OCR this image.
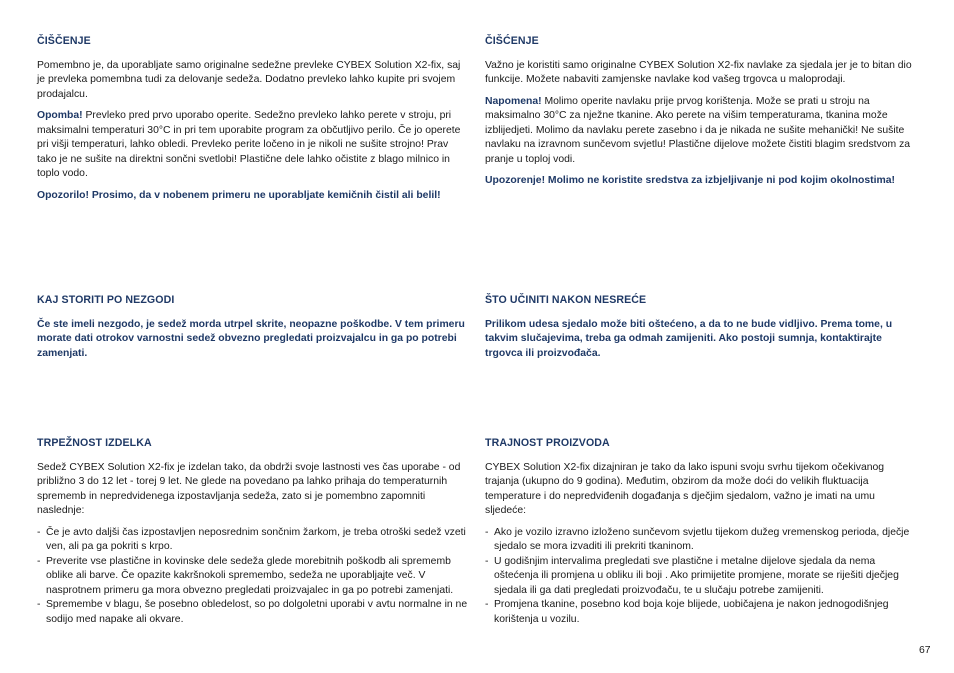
ČIŠČENJE

Pomembno je, da uporabljate samo originalne sedežne prevleke CYBEX Solution X2-fix, saj je prevleka pomembna tudi za delovanje sedeža. Dodatno prevleko lahko kupite pri svojem prodajalcu.

Opomba! Prevleko pred prvo uporabo operite. Sedežno prevleko lahko perete v stroju, pri maksimalni temperaturi 30°C in pri tem uporabite program za občutljivo perilo. Če jo operete pri višji temperaturi, lahko obledi. Prevleko perite ločeno in je nikoli ne sušite strojno! Prav tako je ne sušite na direktni sončni svetlobi! Plastične dele lahko očistite z blago milnico in toplo vodo.

Opozorilo! Prosimo, da v nobenem primeru ne uporabljate kemičnih čistil ali belil!

KAJ STORITI PO NEZGODI

Če ste imeli nezgodo, je sedež morda utrpel skrite, neopazne poškodbe. V tem primeru morate dati otrokov varnostni sedež obvezno pregledati proizvajalcu in ga po potrebi zamenjati.

TRPEŽNOST IZDELKA

Sedež CYBEX Solution X2-fix je izdelan tako, da obdrži svoje lastnosti ves čas uporabe - od približno 3 do 12 let - torej 9 let. Ne glede na povedano pa lahko prihaja do temperaturnih sprememb in nepredvidenega izpostavljanja sedeža, zato si je pomembno zapomniti naslednje:

- Če je avto daljši čas izpostavljen neposrednim sončnim žarkom, je treba otroški sedež vzeti ven, ali pa ga pokriti s krpo.
- Preverite vse plastične in kovinske dele sedeža glede morebitnih poškodb ali sprememb oblike ali barve. Če opazite kakršnokoli spremembo, sedeža ne uporabljajte več. V nasprotnem primeru ga mora obvezno pregledati proizvajalec in ga po potrebi zamenjati.
- Spremembe v blagu, še posebno obledelost, so po dolgoletni uporabi v avtu normalne in ne sodijo med napake ali okvare.
ČIŠĆENJE

Važno je koristiti samo originalne CYBEX Solution X2-fix navlake za sjedala jer je to bitan dio funkcije. Možete nabaviti zamjenske navlake kod vašeg trgovca u maloprodaji.

Napomena! Molimo operite navlaku prije prvog korištenja. Može se prati u stroju na maksimalno 30°C za nježne tkanine. Ako perete na višim temperaturama, tkanina može izblijedjeti. Molimo da navlaku perete zasebno i da je nikada ne sušite mehanički! Ne sušite navlaku na izravnom sunčevom svjetlu! Plastične dijelove možete čistiti blagim sredstvom za pranje u toploj vodi.

Upozorenje! Molimo ne koristite sredstva za izbjeljivanje ni pod kojim okolnostima!

ŠTO UČINITI NAKON NESREĆE

Prilikom udesa sjedalo može biti oštećeno, a da to ne bude vidljivo. Prema tome, u takvim slučajevima, treba ga odmah zamijeniti. Ako postoji sumnja, kontaktirajte trgovca ili proizvođača.

TRAJNOST PROIZVODA

CYBEX Solution X2-fix dizajniran je tako da lako ispuni svoju svrhu tijekom očekivanog trajanja (ukupno do 9 godina). Međutim, obzirom da može doći do velikih fluktuacija temperature i do nepredviđenih događanja s dječjim sjedalom, važno je imati na umu sljedeće:

- Ako je vozilo izravno izloženo sunčevom svjetlu tijekom dužeg vremenskog perioda, dječje sjedalo se mora izvaditi ili prekriti tkaninom.
- U godišnjim intervalima pregledati sve plastične i metalne dijelove sjedala da nema oštećenja ili promjena u obliku ili boji . Ako primijetite promjene, morate se riješiti dječjeg sjedala ili ga dati pregledati proizvođaču, te u slučaju potrebe zamijeniti.
- Promjena tkanine, posebno kod boja koje blijede, uobičajena je nakon jednogodišnjeg korištenja u vozilu.
67
